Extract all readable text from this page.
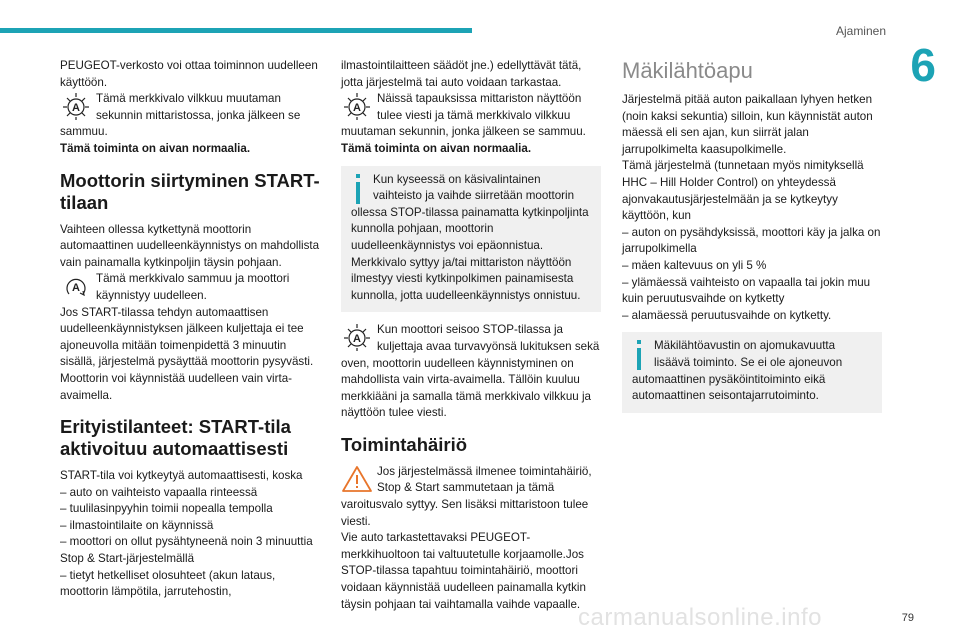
Ajaminen
6

PEUGEOT-verkosto voi ottaa toiminnon uudelleen käyttöön.

A
Tämä merkkivalo vilkkuu muutaman sekunnin mittaristossa, jonka jälkeen se sammuu.

Tämä toiminta on aivan normaalia.

Moottorin siirtyminen START-tilaan

Vaihteen ollessa kytkettynä moottorin automaattinen uudelleenkäynnistys on mahdollista vain painamalla kytkinpoljin täysin pohjaan.

A
Tämä merkkivalo sammuu ja moottori käynnistyy uudelleen.

Jos START-tilassa tehdyn automaattisen uudelleenkäynnistyksen jälkeen kuljettaja ei tee ajoneuvolla mitään toimenpidettä 3 minuutin sisällä, järjestelmä pysäyttää moottorin pysyvästi. Moottorin voi käynnistää uudelleen vain virta-avaimella.

Erityistilanteet: START-tila aktivoituu automaattisesti

START-tila voi kytkeytyä automaattisesti, koska

– auto on vaihteisto vapaalla rinteessä

– tuulilasinpyyhin toimii nopealla tempolla

– ilmastointilaite on käynnissä

– moottori on ollut pysähtyneenä noin 3 minuuttia Stop & Start-järjestelmällä

– tietyt hetkelliset olosuhteet (akun lataus, moottorin lämpötila, jarrutehostin,

ilmastointilaitteen säädöt jne.) edellyttävät tätä, jotta järjestelmä tai auto voidaan tarkastaa.

A
Näissä tapauksissa mittariston näyttöön tulee viesti ja tämä merkkivalo vilkkuu muutaman sekunnin, jonka jälkeen se sammuu.

Tämä toiminta on aivan normaalia.

Kun kyseessä on käsivalintainen vaihteisto ja vaihde siirretään moottorin ollessa STOP-tilassa painamatta kytkinpoljinta kunnolla pohjaan, moottorin uudelleenkäynnistys voi epäonnistua. Merkkivalo syttyy ja/tai mittariston näyttöön ilmestyy viesti kytkinpolkimen painamisesta kunnolla, jotta uudelleenkäynnistys onnistuu.
A
Kun moottori seisoo STOP-tilassa ja kuljettaja avaa turvavyönsä lukituksen sekä oven, moottorin uudelleen käynnistyminen on mahdollista vain virta-avaimella. Tällöin kuuluu merkkiääni ja samalla tämä merkkivalo vilkkuu ja näyttöön tulee viesti.
Toimintahäiriö
Jos järjestelmässä ilmenee toimintahäiriö, Stop & Start sammutetaan ja tämä varoitusvalo syttyy. Sen lisäksi mittaristoon tulee viesti.

Vie auto tarkastettavaksi PEUGEOT-merkkihuoltoon tai valtuutetulle korjaamolle.Jos STOP-tilassa tapahtuu toimintahäiriö, moottori voidaan käynnistää uudelleen painamalla kytkin täysin pohjaan tai vaihtamalla vaihde vapaalle.

Mäkilähtöapu

Järjestelmä pitää auton paikallaan lyhyen hetken (noin kaksi sekuntia) silloin, kun käynnistät auton mäessä eli sen ajan, kun siirrät jalan jarrupolkimelta kaasupolkimelle.

Tämä järjestelmä (tunnetaan myös nimityksellä HHC – Hill Holder Control) on yhteydessä ajonvakautusjärjestelmään ja se kytkeytyy käyttöön, kun

– auton on pysähdyksissä, moottori käy ja jalka on jarrupolkimella

– mäen kaltevuus on yli 5 %

– ylämäessä vaihteisto on vapaalla tai jokin muu kuin peruutusvaihde on kytketty

– alamäessä peruutusvaihde on kytketty.

Mäkilähtöavustin on ajomukavuutta lisäävä toiminto. Se ei ole ajoneuvon automaattinen pysäköintitoiminto eikä automaattinen seisontajarrutoiminto.
carmanualsonline.info	79
